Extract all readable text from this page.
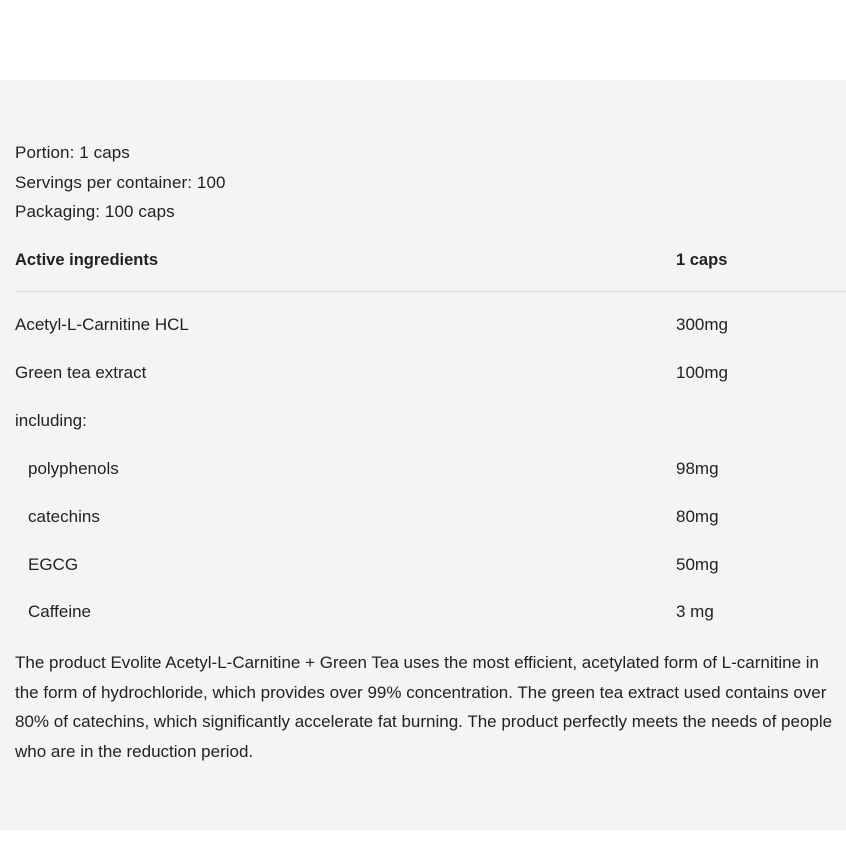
Portion: 1 caps
Servings per container: 100
Packaging: 100 caps
Active ingredients	1 caps
Acetyl-L-Carnitine HCL	300mg
Green tea extract	100mg
including:
polyphenols	98mg
catechins	80mg
EGCG	50mg
Caffeine	3 mg
The product Evolite Acetyl-L-Carnitine + Green Tea uses the most efficient, acetylated form of L-carnitine in
the form of hydrochloride, which provides over 99% concentration. The green tea extract used contains over
80% of catechins, which significantly accelerate fat burning. The product perfectly meets the needs of people
who are in the reduction period.
